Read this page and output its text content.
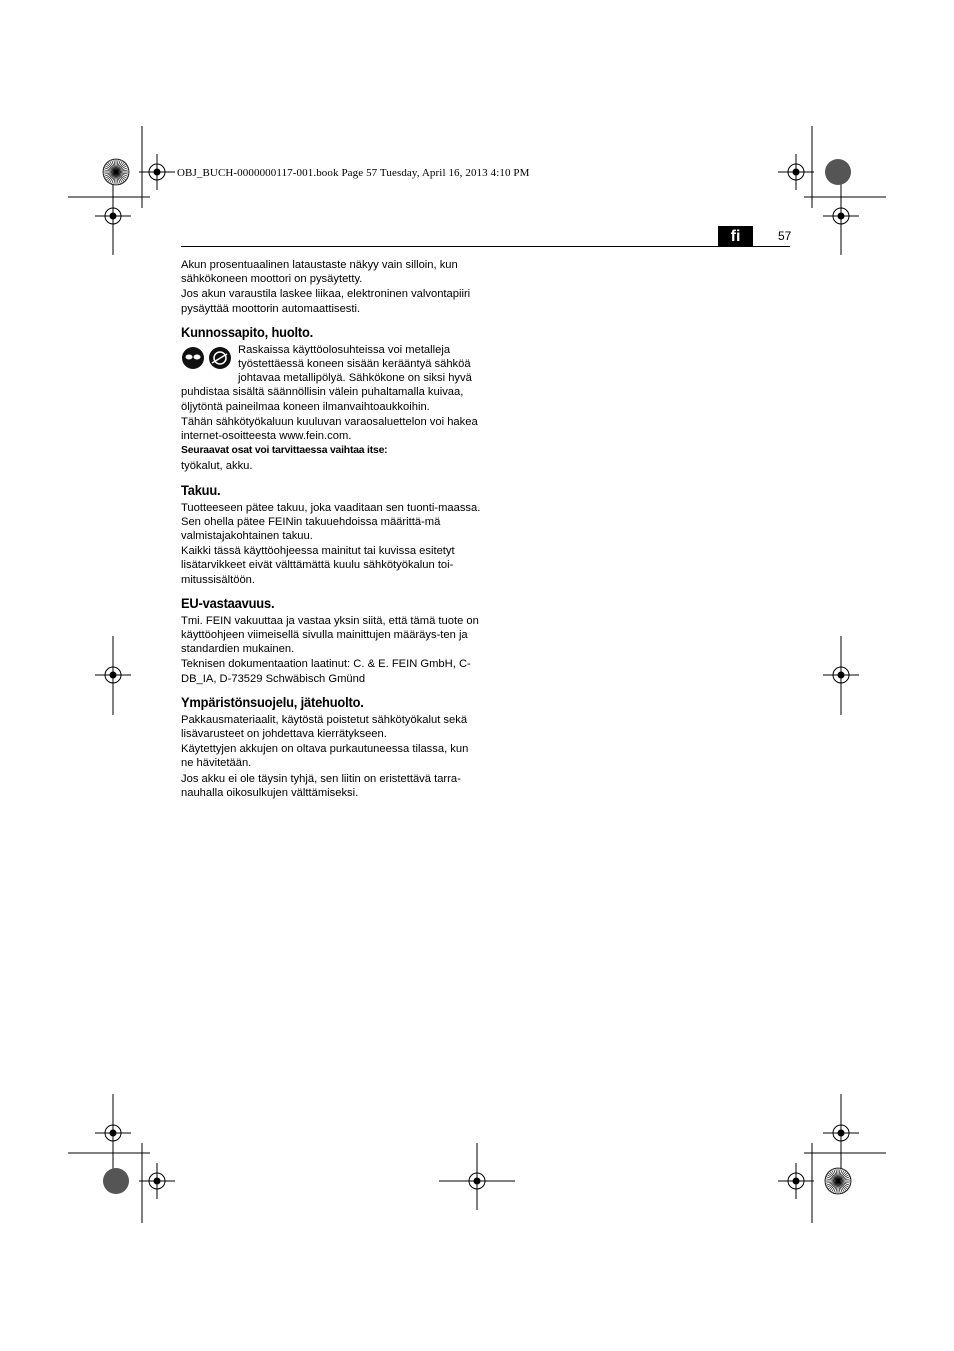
OBJ_BUCH-0000000117-001.book Page 57 Tuesday, April 16, 2013 4:10 PM
fi	57

Akun prosentuaalinen lataustaste näkyy vain silloin, kun sähkökoneen moottori on pysäytetty.

Jos akun varaustila laskee liikaa, elektroninen valvontapiiri pysäyttää moottorin automaattisesti.

Kunnossapito, huolto.

Raskaissa käyttöolosuhteissa voi metalleja työstettäessä koneen sisään kerääntyä sähköä johtavaa metallipölyä. Sähkökone on siksi hyvä puhdistaa sisältä säännöllisin välein puhaltamalla kuivaa, öljytöntä paineilmaa koneen ilmanvaihtoaukkoihin.

Tähän sähkötyökaluun kuuluvan varaosaluettelon voi hakea internet-osoitteesta www.fein.com.

Seuraavat osat voi tarvittaessa vaihtaa itse:

työkalut, akku.

Takuu.

Tuotteeseen pätee takuu, joka vaaditaan sen tuonti-maassa. Sen ohella pätee FEINin takuuehdoissa määrittä-mä valmistajakohtainen takuu.

Kaikki tässä käyttöohjeessa mainitut tai kuvissa esitetyt lisätarvikkeet eivät välttämättä kuulu sähkötyökalun toi-mitussisältöön.

EU-vastaavuus.

Tmi. FEIN vakuuttaa ja vastaa yksin siitä, että tämä tuote on käyttöohjeen viimeisellä sivulla mainittujen määräys-ten ja standardien mukainen.

Teknisen dokumentaation laatinut: C. & E. FEIN GmbH, C-DB_IA, D-73529 Schwäbisch Gmünd

Ympäristönsuojelu, jätehuolto.

Pakkausmateriaalit, käytöstä poistetut sähkötyökalut sekä lisävarusteet on johdettava kierrätykseen.

Käytettyjen akkujen on oltava purkautuneessa tilassa, kun ne hävitetään.

Jos akku ei ole täysin tyhjä, sen liitin on eristettävä tarra-nauhalla oikosulkujen välttämiseksi.
